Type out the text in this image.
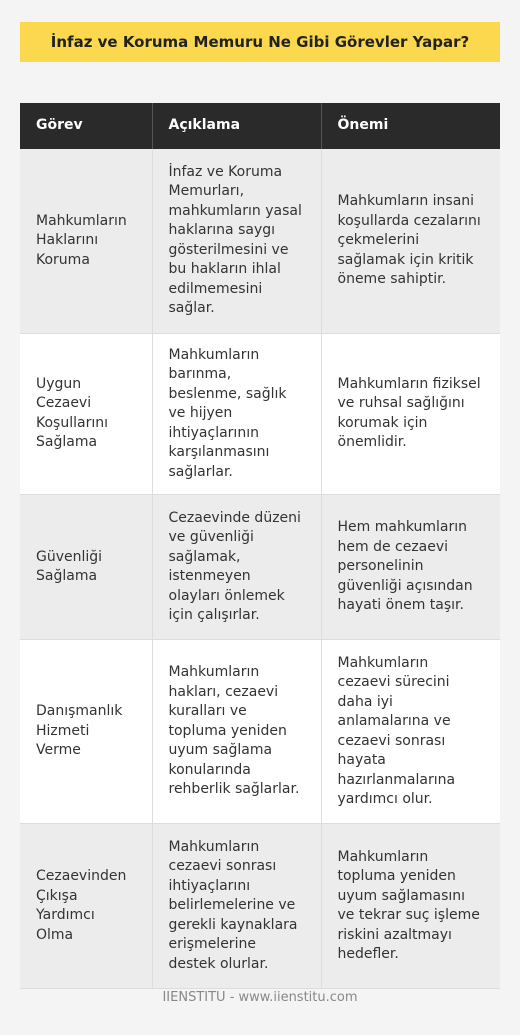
İnfaz ve Koruma Memuru Ne Gibi Görevler Yapar?
Görev	Açıklama	Önemi
Mahkumların Haklarını Koruma	İnfaz ve Koruma Memurları, mahkumların yasal haklarına saygı gösterilmesini ve bu hakların ihlal edilmemesini sağlar.	Mahkumların insani koşullarda cezalarını çekmelerini sağlamak için kritik öneme sahiptir.
Uygun Cezaevi Koşullarını Sağlama	Mahkumların barınma, beslenme, sağlık ve hijyen ihtiyaçlarının karşılanmasını sağlarlar.	Mahkumların fiziksel ve ruhsal sağlığını korumak için önemlidir.
Güvenliği Sağlama	Cezaevinde düzeni ve güvenliği sağlamak, istenmeyen olayları önlemek için çalışırlar.	Hem mahkumların hem de cezaevi personelinin güvenliği açısından hayati önem taşır.
Danışmanlık Hizmeti Verme	Mahkumların hakları, cezaevi kuralları ve topluma yeniden uyum sağlama konularında rehberlik sağlarlar.	Mahkumların cezaevi sürecini daha iyi anlamalarına ve cezaevi sonrası hayata hazırlanmalarına yardımcı olur.
Cezaevinden Çıkışa Yardımcı Olma	Mahkumların cezaevi sonrası ihtiyaçlarını belirlemelerine ve gerekli kaynaklara erişmelerine destek olurlar.	Mahkumların topluma yeniden uyum sağlamasını ve tekrar suç işleme riskini azaltmayı hedefler.
IIENSTITU - www.iienstitu.com
